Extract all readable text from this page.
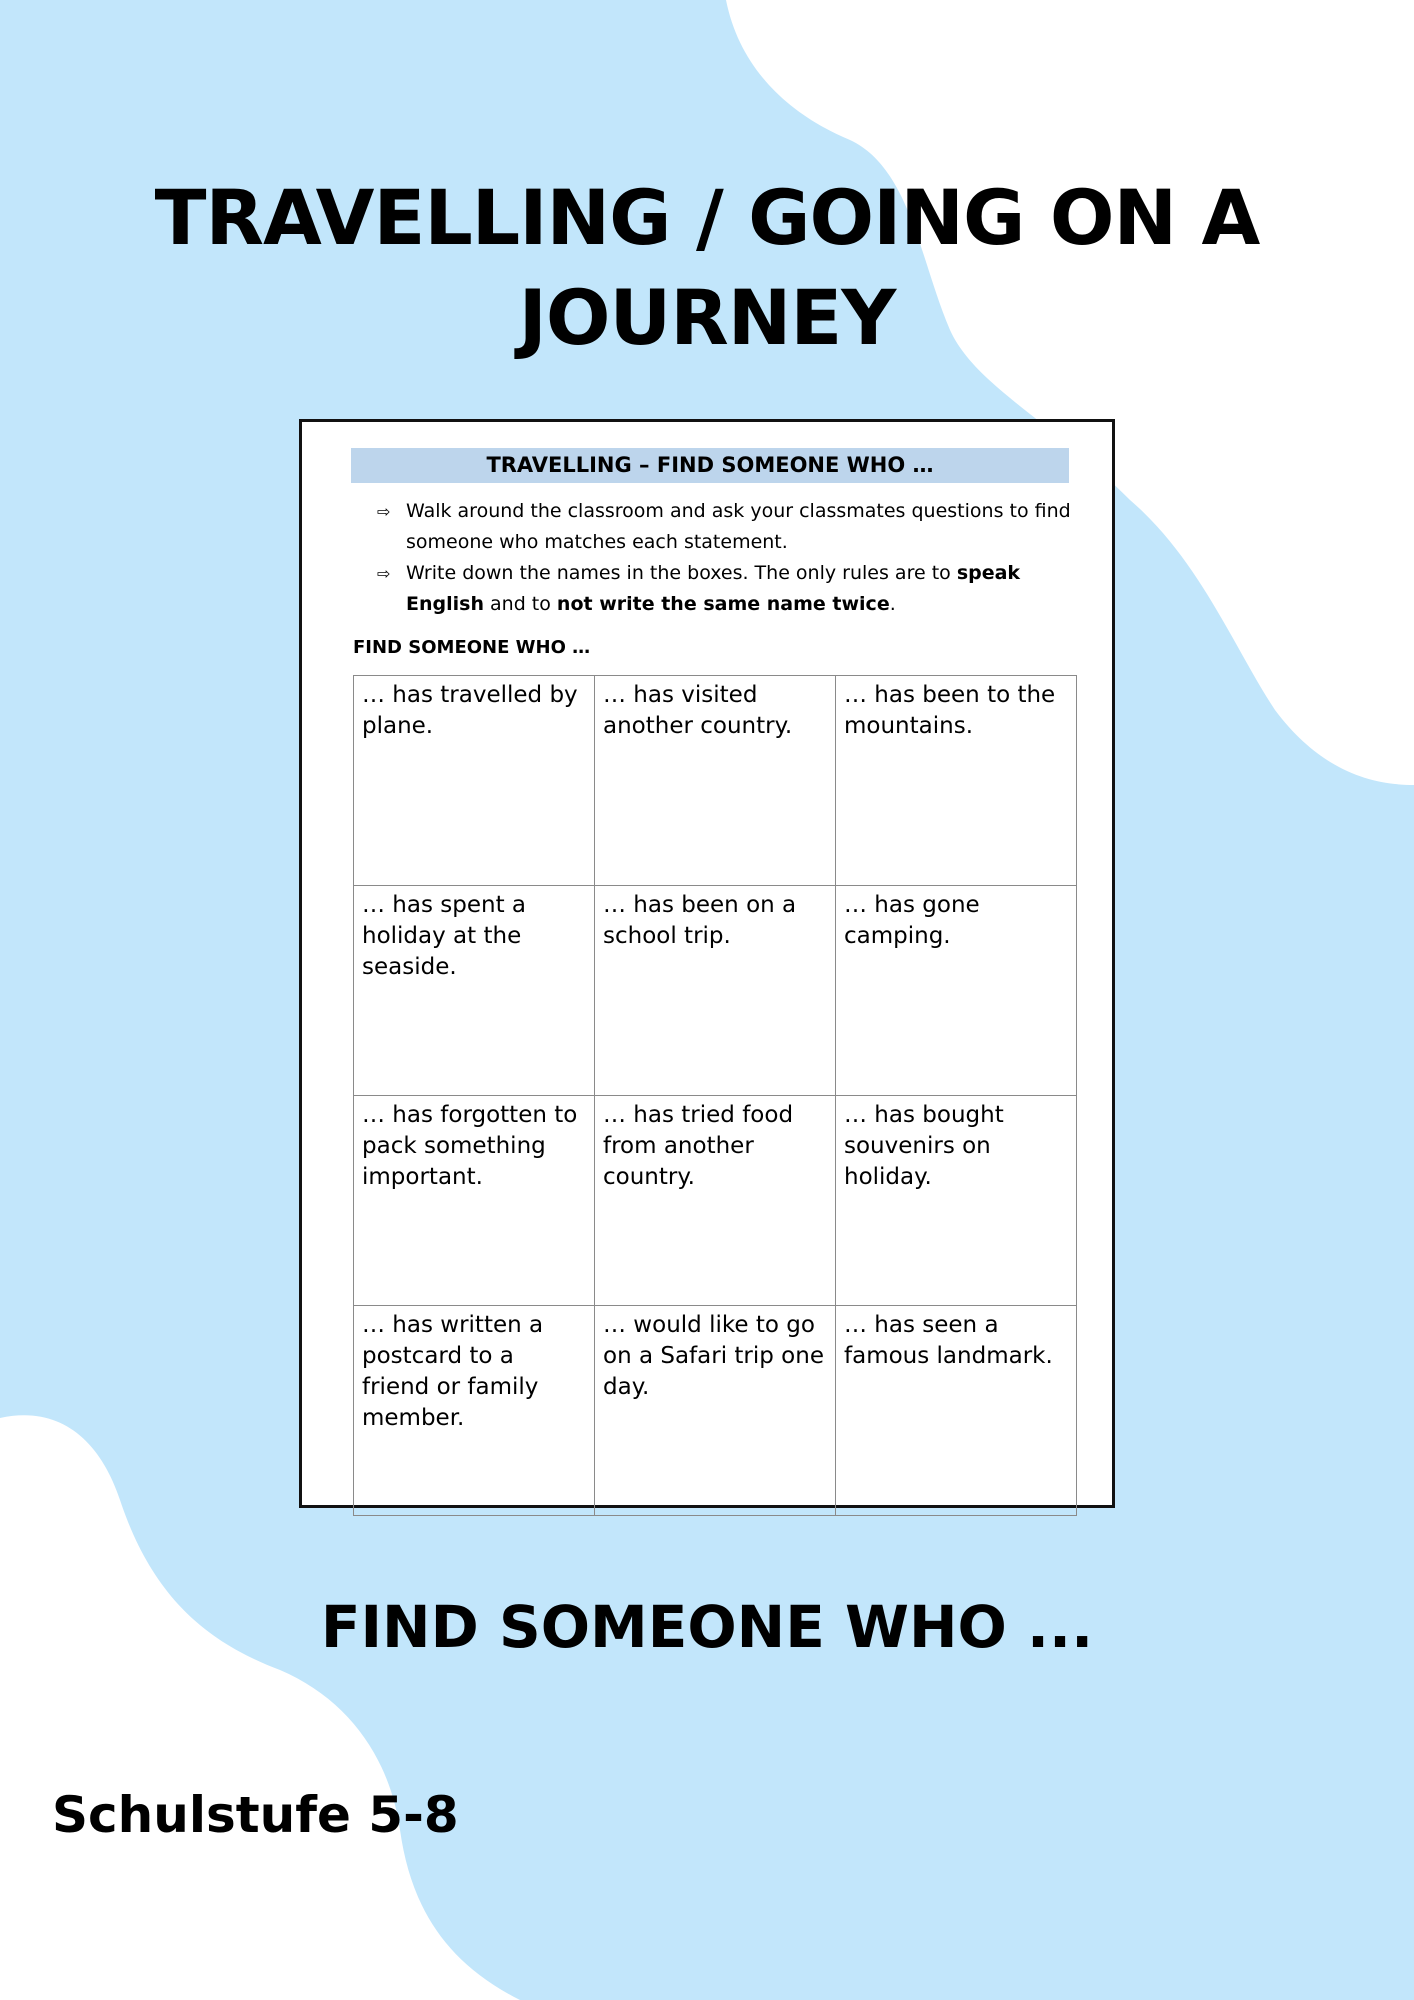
TRAVELLING / GOING ON A
JOURNEY
TRAVELLING – FIND SOMEONE WHO …
⇨ Walk around the classroom and ask your classmates questions to find someone who matches each statement.
⇨ Write down the names in the boxes. The only rules are to speak English and to not write the same name twice.
FIND SOMEONE WHO …
… has travelled by plane.	… has visited another country.	… has been to the mountains.
… has spent a holiday at the seaside.	… has been on a school trip.	… has gone camping.
… has forgotten to pack something important.	… has tried food from another country.	… has bought souvenirs on holiday.
… has written a postcard to a friend or family member.	… would like to go on a Safari trip one day.	… has seen a famous landmark.
FIND SOMEONE WHO ...
Schulstufe 5-8
